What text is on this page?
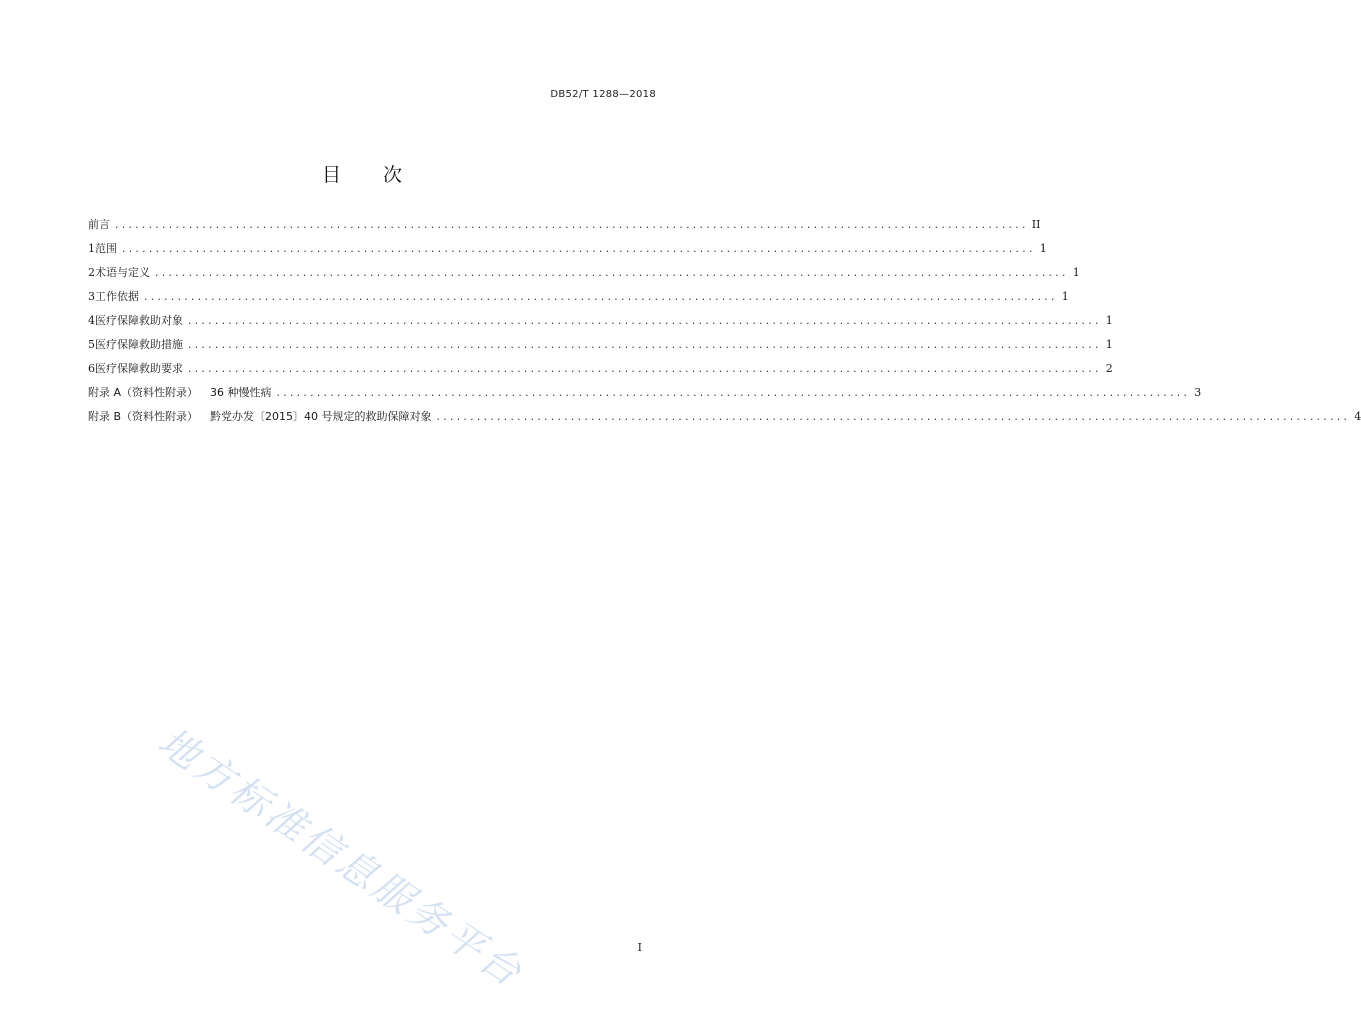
DB52/T 1288—2018
目 次
前言 ........................................................................................................................................ II
1 范围 ........................................................................................................................................ 1
2 术语与定义 ........................................................................................................................................ 1
3 工作依据 ........................................................................................................................................ 1
4 医疗保障救助对象 ........................................................................................................................................ 1
5 医疗保障救助措施 ........................................................................................................................................ 1
6 医疗保障救助要求 ........................................................................................................................................ 2
附录 A（资料性附录） 36 种慢性病 ........................................................................................................................................ 3
附录 B（资料性附录） 黔党办发〔2015〕40 号规定的救助保障对象 ........................................................................................................................................ 4
地方标准信息服务平台	I
